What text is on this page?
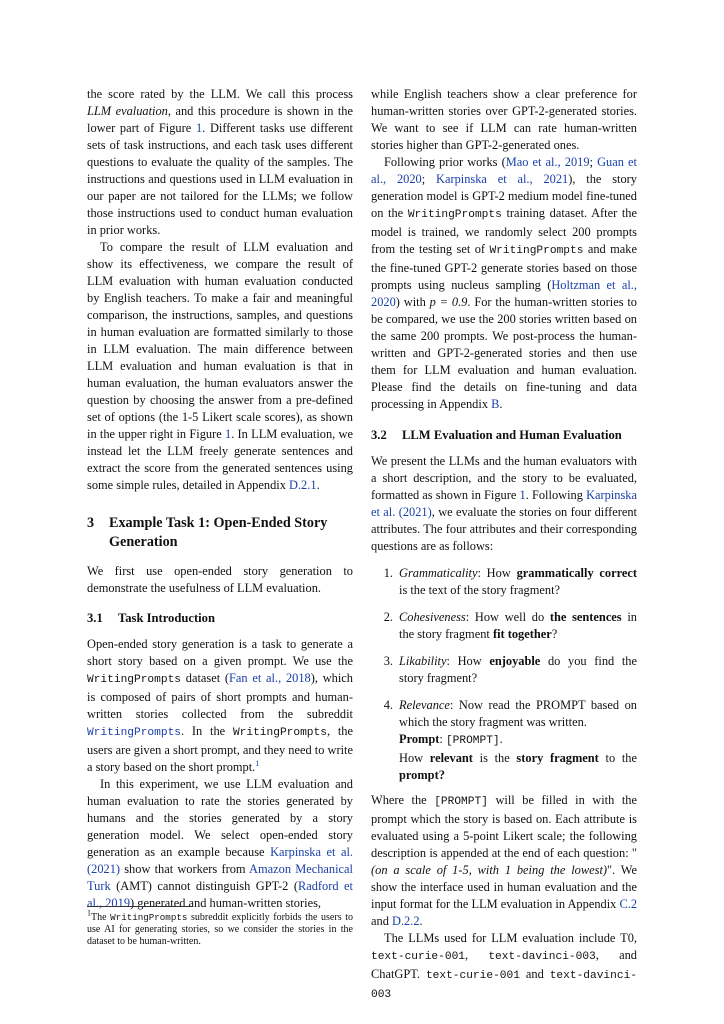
the score rated by the LLM. We call this process LLM evaluation, and this procedure is shown in the lower part of Figure 1. Different tasks use different sets of task instructions, and each task uses different questions to evaluate the quality of the samples. The instructions and questions used in LLM evaluation in our paper are not tailored for the LLMs; we follow those instructions used to conduct human evaluation in prior works.

To compare the result of LLM evaluation and show its effectiveness, we compare the result of LLM evaluation with human evaluation conducted by English teachers. To make a fair and meaningful comparison, the instructions, samples, and questions in human evaluation are formatted similarly to those in LLM evaluation. The main difference between LLM evaluation and human evaluation is that in human evaluation, the human evaluators answer the question by choosing the answer from a pre-defined set of options (the 1-5 Likert scale scores), as shown in the upper right in Figure 1. In LLM evaluation, we instead let the LLM freely generate sentences and extract the score from the generated sentences using some simple rules, detailed in Appendix D.2.1.

3	Example Task 1: Open-Ended Story Generation

We first use open-ended story generation to demonstrate the usefulness of LLM evaluation.

3.1	Task Introduction

Open-ended story generation is a task to generate a short story based on a given prompt. We use the WritingPrompts dataset (Fan et al., 2018), which is composed of pairs of short prompts and human-written stories collected from the subreddit WritingPrompts. In the WritingPrompts, the users are given a short prompt, and they need to write a story based on the short prompt.$^1$

In this experiment, we use LLM evaluation and human evaluation to rate the stories generated by humans and the stories generated by a story generation model. We select open-ended story generation as an example because Karpinska et al. (2021) show that workers from Amazon Mechanical Turk (AMT) cannot distinguish GPT-2 (Radford et al., 2019) generated and human-written stories,

$^1$The WritingPrompts subreddit explicitly forbids the users to use AI for generating stories, so we consider the stories in the dataset to be human-written.

while English teachers show a clear preference for human-written stories over GPT-2-generated stories. We want to see if LLM can rate human-written stories higher than GPT-2-generated ones.

Following prior works (Mao et al., 2019; Guan et al., 2020; Karpinska et al., 2021), the story generation model is GPT-2 medium model fine-tuned on the WritingPrompts training dataset. After the model is trained, we randomly select 200 prompts from the testing set of WritingPrompts and make the fine-tuned GPT-2 generate stories based on those prompts using nucleus sampling (Holtzman et al., 2020) with p = 0.9. For the human-written stories to be compared, we use the 200 stories written based on the same 200 prompts. We post-process the human-written and GPT-2-generated stories and then use them for LLM evaluation and human evaluation. Please find the details on fine-tuning and data processing in Appendix B.

3.2	LLM Evaluation and Human Evaluation

We present the LLMs and the human evaluators with a short description, and the story to be evaluated, formatted as shown in Figure 1. Following Karpinska et al. (2021), we evaluate the stories on four different attributes. The four attributes and their corresponding questions are as follows:

1. Grammaticality: How grammatically correct is the text of the story fragment?
2. Cohesiveness: How well do the sentences in the story fragment fit together?
3. Likability: How enjoyable do you find the story fragment?
4. Relevance: Now read the PROMPT based on which the story fragment was written.
Prompt: [PROMPT].
How relevant is the story fragment to the prompt?

Where the [PROMPT] will be filled in with the prompt which the story is based on. Each attribute is evaluated using a 5-point Likert scale; the following description is appended at the end of each question: "(on a scale of 1-5, with 1 being the lowest)". We show the interface used in human evaluation and the input format for the LLM evaluation in Appendix C.2 and D.2.2.

The LLMs used for LLM evaluation include T0, text-curie-001, text-davinci-003, and ChatGPT. text-curie-001 and text-davinci-003
